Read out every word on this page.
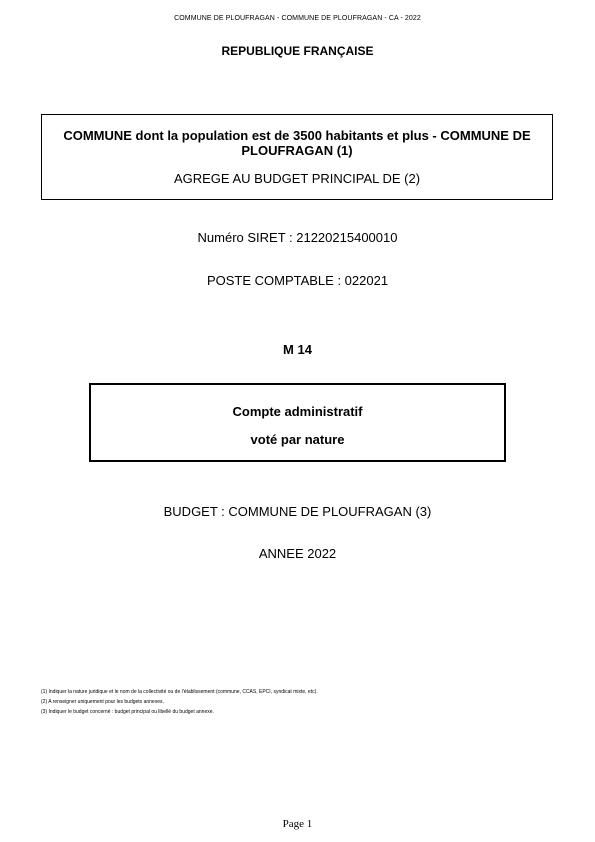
COMMUNE DE PLOUFRAGAN - COMMUNE DE PLOUFRAGAN - CA - 2022
REPUBLIQUE FRANÇAISE
COMMUNE dont la population est de 3500 habitants et plus - COMMUNE DE PLOUFRAGAN (1)
AGREGE AU BUDGET PRINCIPAL DE (2)
Numéro SIRET : 21220215400010
POSTE COMPTABLE : 022021
M 14
Compte administratif
voté par nature
BUDGET : COMMUNE DE PLOUFRAGAN (3)
ANNEE 2022
(1) Indiquer la nature juridique et le nom de la collectivité ou de l'établissement (commune, CCAS, EPCI, syndicat mixte, etc).
(2) A renseigner uniquement pour les budgets annexes.
(3) Indiquer le budget concerné : budget principal ou libellé du budget annexe.
Page 1
